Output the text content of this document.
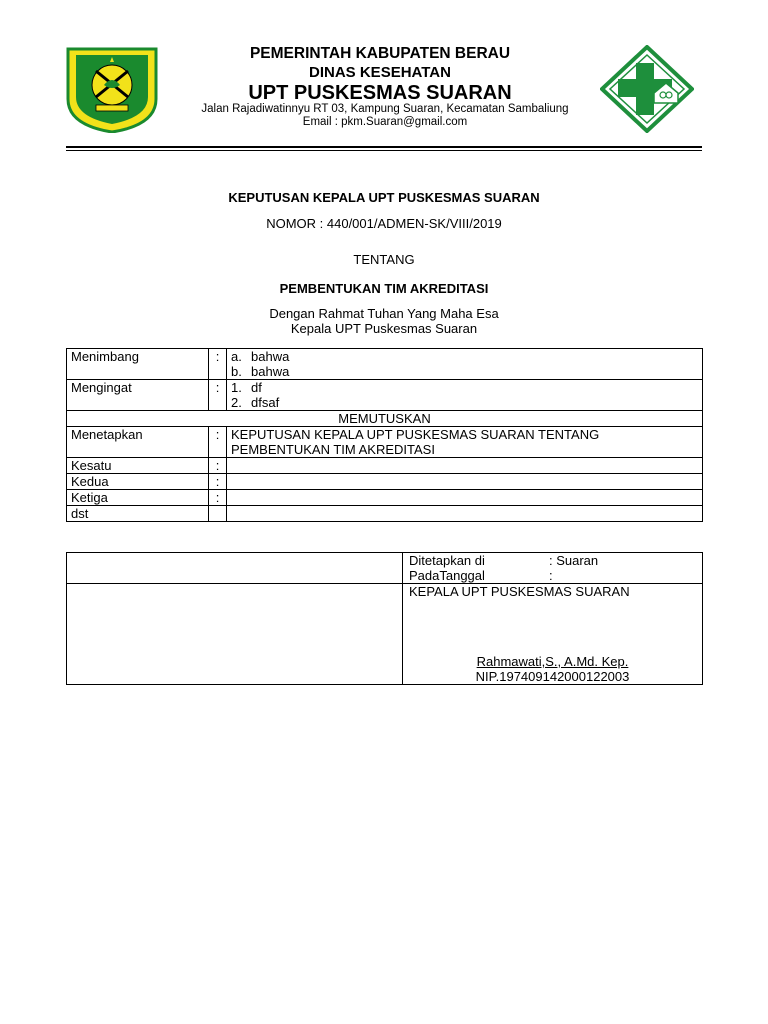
PEMERINTAH KABUPATEN BERAU
DINAS KESEHATAN
UPT PUSKESMAS SUARAN
Jalan Rajadiwatinnyu RT 03, Kampung Suaran, Kecamatan Sambaliung
Email : pkm.Suaran@gmail.com
KEPUTUSAN KEPALA UPT PUSKESMAS SUARAN
NOMOR : 440/001/ADMEN-SK/VIII/2019
TENTANG
PEMBENTUKAN TIM AKREDITASI
Dengan Rahmat Tuhan Yang Maha Esa
Kepala UPT Puskesmas Suaran
Menimbang	:	a. bahwa
b. bahwa

Mengingat	:	1. df
2. dfsaf

MEMUTUSKAN		
Menetapkan	:	KEPUTUSAN KEPALA UPT PUSKESMAS SUARAN TENTANG
PEMBENTUKAN TIM AKREDITASI

Kesatu	:	
Kedua	:	
Ketiga	:	
dst		

	Ditetapkan di : Suaran
PadaTanggal :

	KEPALA UPT PUSKESMAS SUARAN
Rahmawati,S., A.Md. Kep.
NIP.197409142000122003
